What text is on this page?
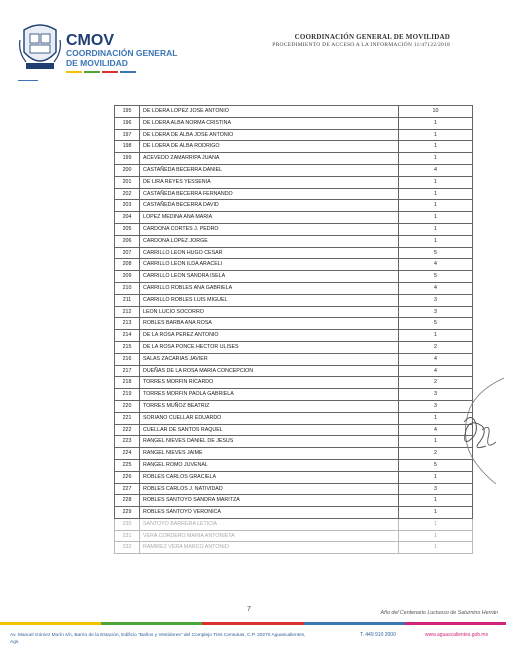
CMOV
COORDINACIÓN GENERAL
DE MOVILIDAD
COORDINACIÓN GENERAL DE MOVILIDAD
PROCEDIMIENTO DE ACCESO A LA INFORMACIÓN 11/47122/2018
195	DE LOERA LOPEZ JOSE ANTONIO	10
196	DE LOERA ALBA NORMA CRISTINA	1
197	DE LOERA DE ALBA JOSE ANTONIO	1
198	DE LOERA DE ALBA RODRIGO	1
199	ACEVEDO ZAMARRIPA JUANA	1
200	CASTAÑEDA BECERRA DANIEL	4
201	DE LIRA REYES YESSENIA	1
202	CASTAÑEDA BECERRA FERNANDO	1
203	CASTAÑEDA BECERRA DAVID	1
204	LOPEZ MEDINA ANA MARIA	1
205	CARDONA CORTES J. PEDRO	1
206	CARDONA LOPEZ JORGE	1
207	CARRILLO LEON HUGO CESAR	5
208	CARRILLO LEON ILDA ARACELI	4
209	CARRILLO LEON SANDRA ISELA	5
210	CARRILLO ROBLES ANA GABRIELA	4
211	CARRILLO ROBLES LUIS MIGUEL	3
212	LEON LUCIO SOCORRO	3
213	ROBLES BARBA ANA ROSA	5
214	DE LA ROSA PEREZ ANTONIO	1
215	DE LA ROSA PONCE HECTOR ULISES	2
216	SALAS ZACARIAS JAVIER	4
217	DUEÑAS DE LA ROSA MARIA CONCEPCION	4
218	TORRES MORFIN RICARDO	2
219	TORRES MORFIN PAOLA GABRIELA	3
220	TORRES MUÑOZ BEATRIZ	3
221	SORIANO CUELLAR EDUARDO	1
222	CUELLAR DE SANTOS RAQUEL	4
223	RANGEL NIEVES DANIEL DE JESUS	1
224	RANGEL NIEVES JAIME	2
225	RANGEL ROMO JUVENAL	5
226	ROBLES CARLOS GRACIELA	1
227	ROBLES CARLOS J. NATIVIDAD	3
228	ROBLES SANTOYO SANDRA MARITZA	1
229	ROBLES SANTOYO VERONICA	1
230	SANTOYO BARRERA LETICIA	1
231	VERA CORDERO MARIA ANTONIETA	1
232	RAMIREZ VERA MARCO ANTONIO	1
7	Año del Centenario Luctuoso de Saturnino Herrán
Av. Manuel Gómez Morín s/n, Barrio de la Estación, Edificio "Baños y Vestidores" del Complejo Tres Centurias, C.P. 20270 Aguascalientes, Ags.
T. 449 910 2000	www.aguascalientes.gob.mx
